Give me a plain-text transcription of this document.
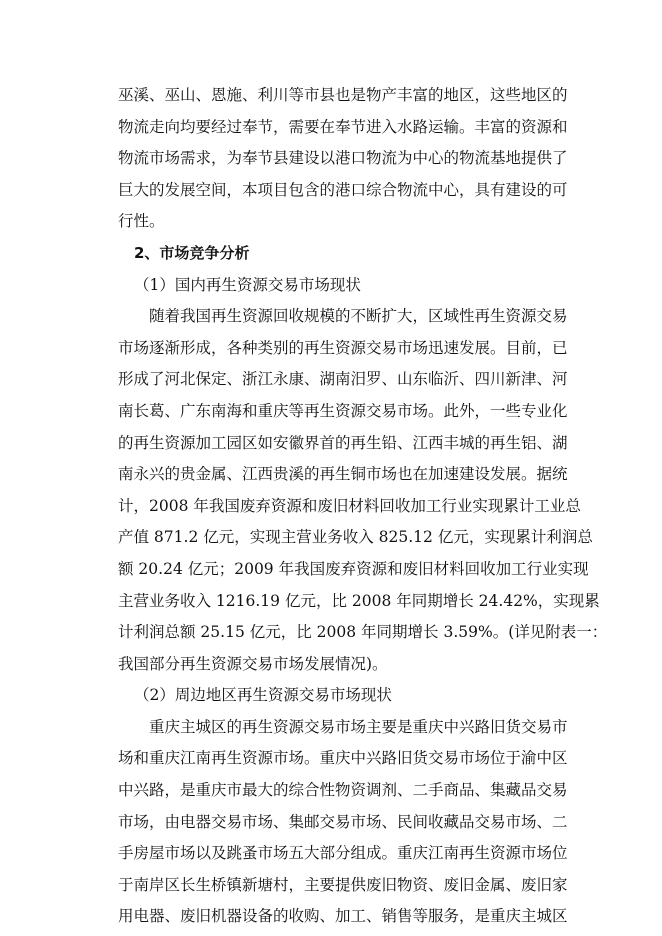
巫溪、巫山、恩施、利川等市县也是物产丰富的地区，这些地区的
物流走向均要经过奉节，需要在奉节进入水路运输。丰富的资源和
物流市场需求，为奉节县建设以港口物流为中心的物流基地提供了
巨大的发展空间，本项目包含的港口综合物流中心，具有建设的可
行性。
2、市场竞争分析
（1）国内再生资源交易市场现状
随着我国再生资源回收规模的不断扩大，区域性再生资源交易
市场逐渐形成，各种类别的再生资源交易市场迅速发展。目前，已
形成了河北保定、浙江永康、湖南汨罗、山东临沂、四川新津、河
南长葛、广东南海和重庆等再生资源交易市场。此外，一些专业化
的再生资源加工园区如安徽界首的再生铅、江西丰城的再生铝、湖
南永兴的贵金属、江西贵溪的再生铜市场也在加速建设发展。据统
计，2008 年我国废弃资源和废旧材料回收加工行业实现累计工业总
产值 871.2 亿元，实现主营业务收入 825.12 亿元，实现累计利润总
额 20.24 亿元；2009 年我国废弃资源和废旧材料回收加工行业实现
主营业务收入 1216.19 亿元，比 2008 年同期增长 24.42%，实现累
计利润总额 25.15 亿元，比 2008 年同期增长 3.59%。(详见附表一：
我国部分再生资源交易市场发展情况)。
（2）周边地区再生资源交易市场现状
重庆主城区的再生资源交易市场主要是重庆中兴路旧货交易市
场和重庆江南再生资源市场。重庆中兴路旧货交易市场位于渝中区
中兴路，是重庆市最大的综合性物资调剂、二手商品、集藏品交易
市场，由电器交易市场、集邮交易市场、民间收藏品交易市场、二
手房屋市场以及跳蚤市场五大部分组成。重庆江南再生资源市场位
于南岸区长生桥镇新塘村，主要提供废旧物资、废旧金属、废旧家
用电器、废旧机器设备的收购、加工、销售等服务，是重庆主城区
